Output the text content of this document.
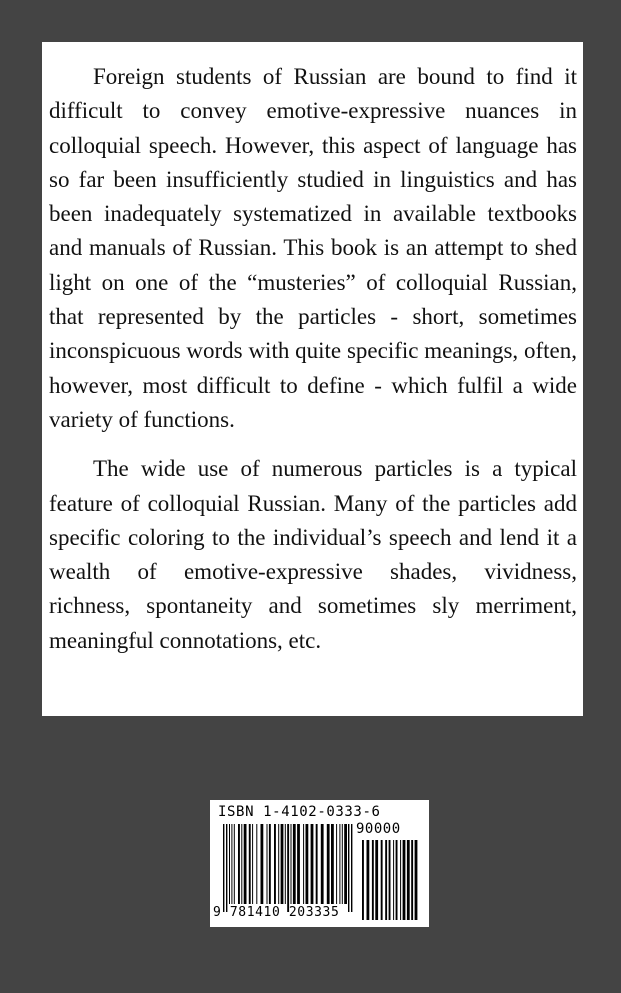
Foreign students of Russian are bound to find it difficult to convey emotive-expressive nuances in colloquial speech. However, this aspect of language has so far been insufficiently studied in linguistics and has been inadequately systematized in available textbooks and manuals of Russian. This book is an attempt to shed light on one of the “musteries” of colloquial Russian, that represented by the particles - short, sometimes inconspicuous words with quite specific meanings, often, however, most difficult to define - which fulfil a wide variety of functions.

The wide use of numerous particles is a typical feature of colloquial Russian. Many of the particles add specific coloring to the individual’s speech and lend it a wealth of emotive-expressive shades, vividness, richness, spontaneity and sometimes sly merriment, meaningful connotations, etc.

ISBN 1-4102-0333-6
90000
9 781410 203335
